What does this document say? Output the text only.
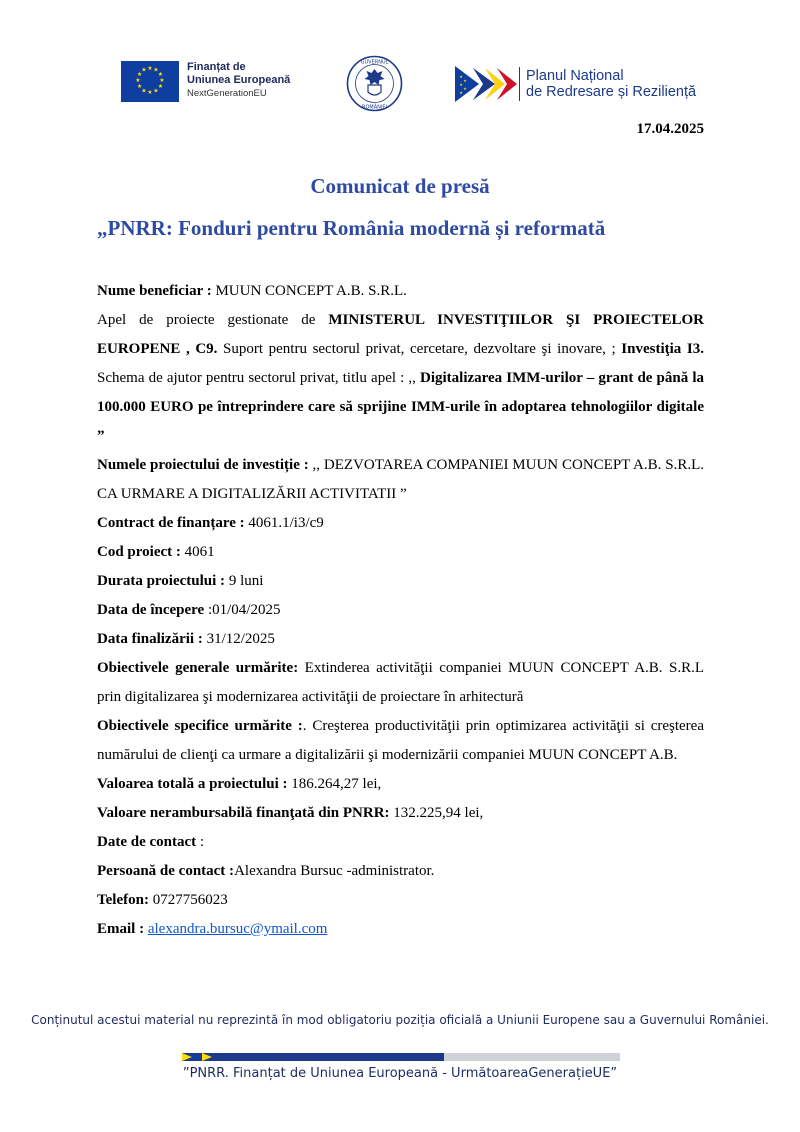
★ ★
★
★
★
★
★
★
★
★
★
★	Finanțat de
Uniunea Europeană
NextGenerationEU
GUVERNUL
ROMÂNIEI
★
★
★
★
★
Planul Național
de Redresare și Reziliență
17.04.2025
Comunicat de presă
„PNRR: Fonduri pentru România modernă și reformată

Nume beneficiar : MUUN CONCEPT A.B. S.R.L.

Apel de proiecte gestionate de MINISTERUL INVESTIŢIILOR ŞI PROIECTELOR EUROPENE , C9. Suport pentru sectorul privat, cercetare, dezvoltare şi inovare, ; Investiţia I3. Schema de ajutor pentru sectorul privat, titlu apel : ,, Digitalizarea IMM-urilor – grant de până la 100.000 EURO pe întreprindere care să sprijine IMM-urile în adoptarea tehnologiilor digitale ”

Numele proiectului de investiție : ,, DEZVOTAREA COMPANIEI MUUN CONCEPT A.B. S.R.L. CA URMARE A DIGITALIZĂRII ACTIVITATII ”

Contract de finanțare : 4061.1/i3/c9

Cod proiect : 4061

Durata proiectului : 9 luni

Data de începere :01/04/2025

Data finalizării : 31/12/2025

Obiectivele generale urmărite: Extinderea activităţii companiei MUUN CONCEPT A.B. S.R.L prin digitalizarea şi modernizarea activităţii de proiectare în arhitectură

Obiectivele specifice urmărite :. Creşterea productivităţii prin optimizarea activităţii si creşterea numărului de clienţi ca urmare a digitalizării şi modernizării companiei MUUN CONCEPT A.B.

Valoarea totală a proiectului : 186.264,27 lei,

Valoare nerambursabilă finanţată din PNRR: 132.225,94 lei,

Date de contact :

Persoană de contact :Alexandra Bursuc -administrator.

Telefon: 0727756023

Email : alexandra.bursuc@ymail.com

Conținutul acestui material nu reprezintă în mod obligatoriu poziția oficială a Uniunii Europene sau a Guvernului României.
”PNRR. Finanțat de Uniunea Europeană - UrmătoareaGenerațieUE”
